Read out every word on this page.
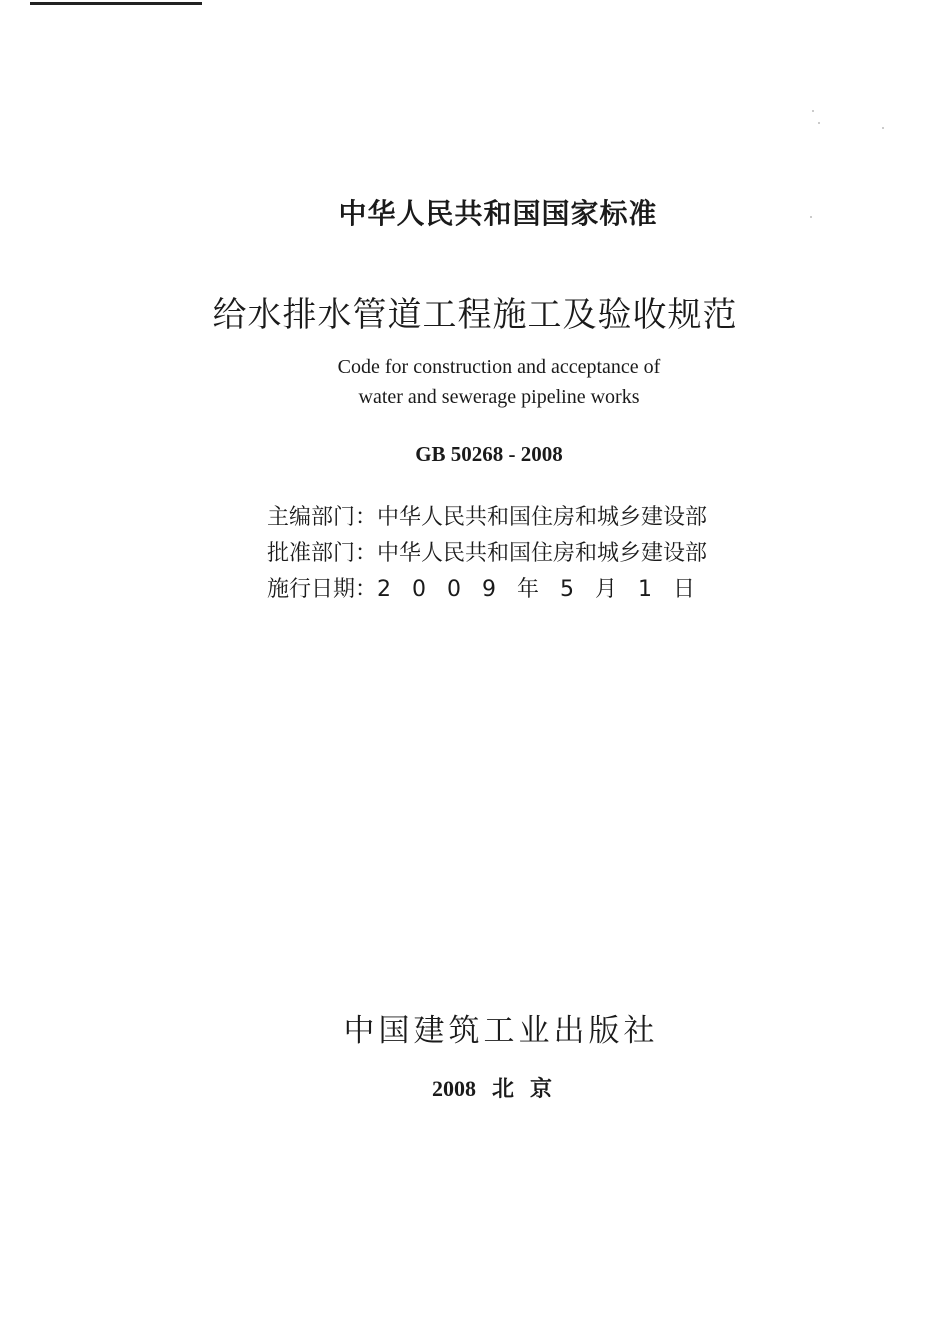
中华人民共和国国家标准
给水排水管道工程施工及验收规范
Code for construction and acceptance of
water and sewerage pipeline works
GB 50268 - 2008
主编部门：中华人民共和国住房和城乡建设部
批准部门：中华人民共和国住房和城乡建设部
施行日期：2009年5月1日
中国建筑工业出版社
2008 北京
